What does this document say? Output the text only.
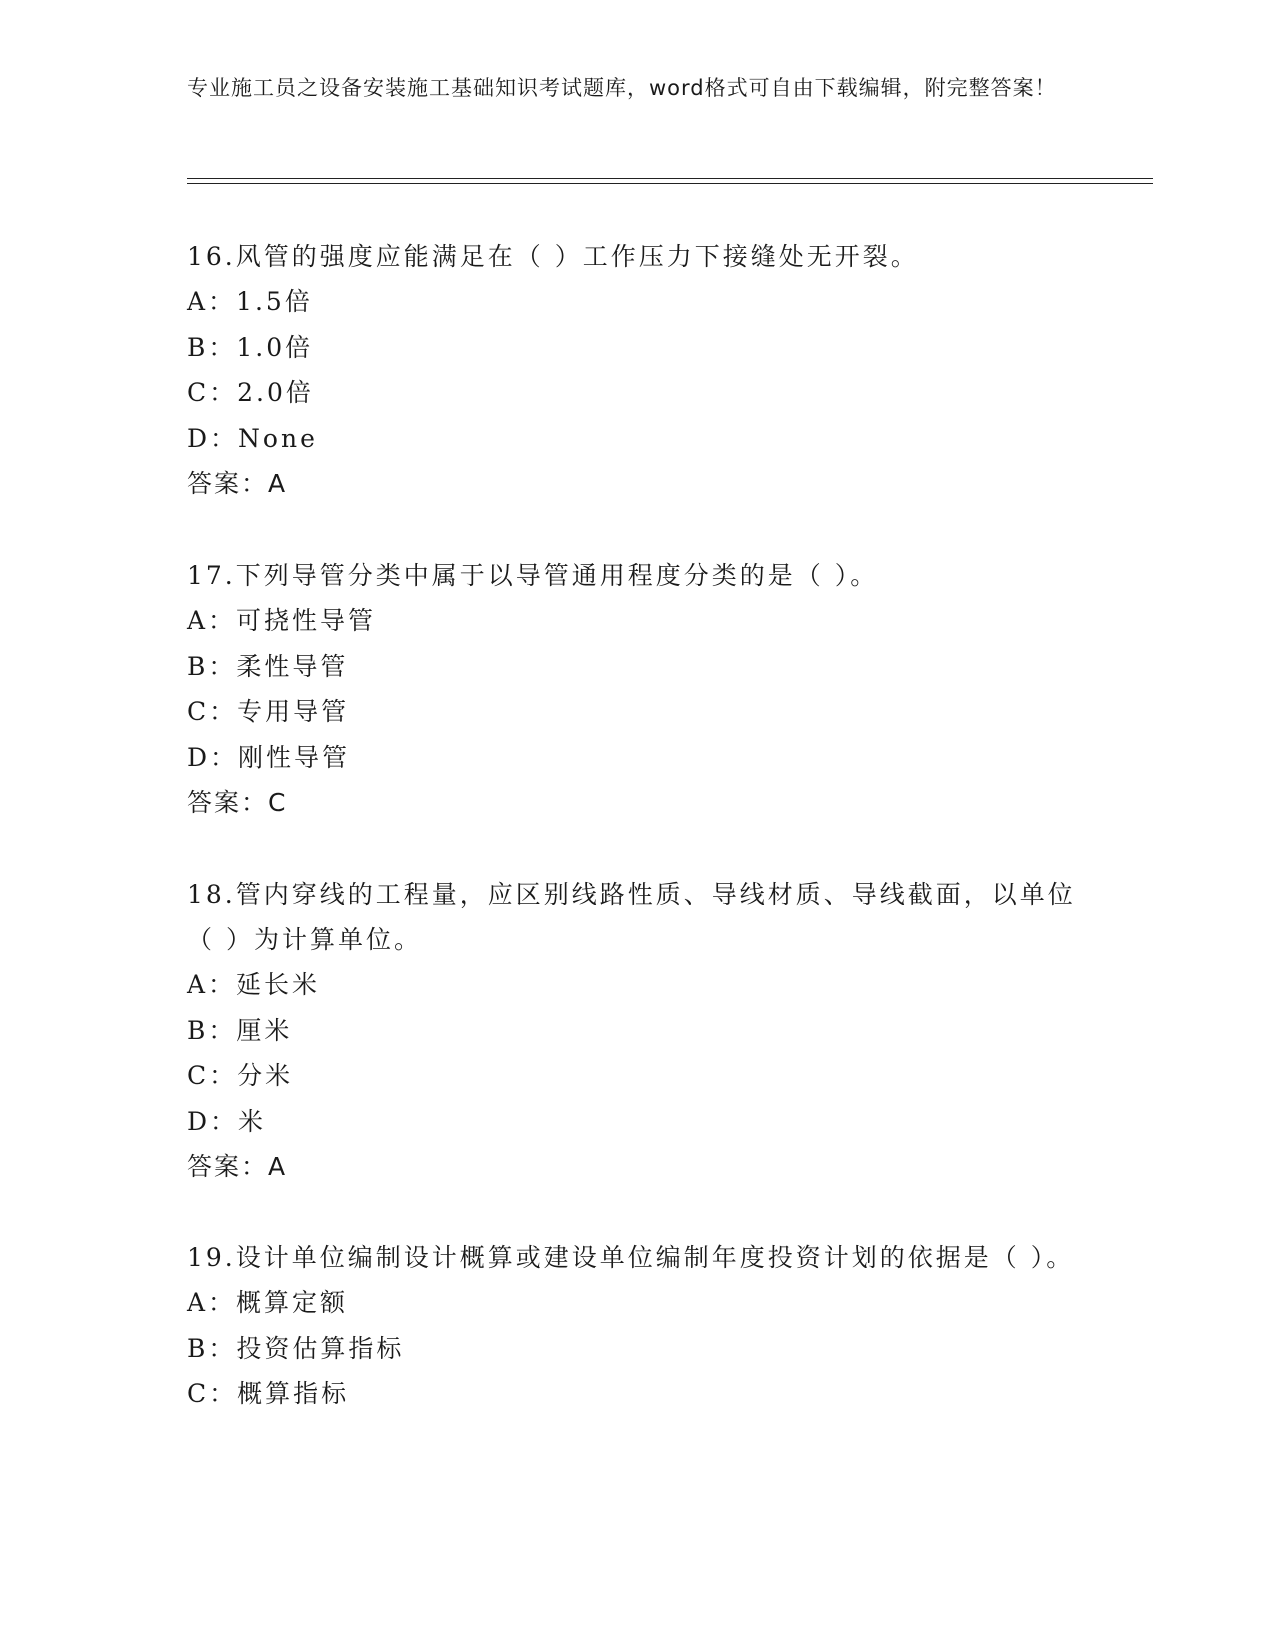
专业施工员之设备安装施工基础知识考试题库，word格式可自由下载编辑，附完整答案！

16.风管的强度应能满足在（ ）工作压力下接缝处无开裂。

A：1.5倍

B：1.0倍

C：2.0倍

D：None

答案：A

17.下列导管分类中属于以导管通用程度分类的是（ ）。

A：可挠性导管

B：柔性导管

C：专用导管

D：刚性导管

答案：C

18.管内穿线的工程量，应区别线路性质、导线材质、导线截面，以单位（ ）为计算单位。

A：延长米

B：厘米

C：分米

D：米

答案：A

19.设计单位编制设计概算或建设单位编制年度投资计划的依据是（ ）。

A：概算定额

B：投资估算指标

C：概算指标
